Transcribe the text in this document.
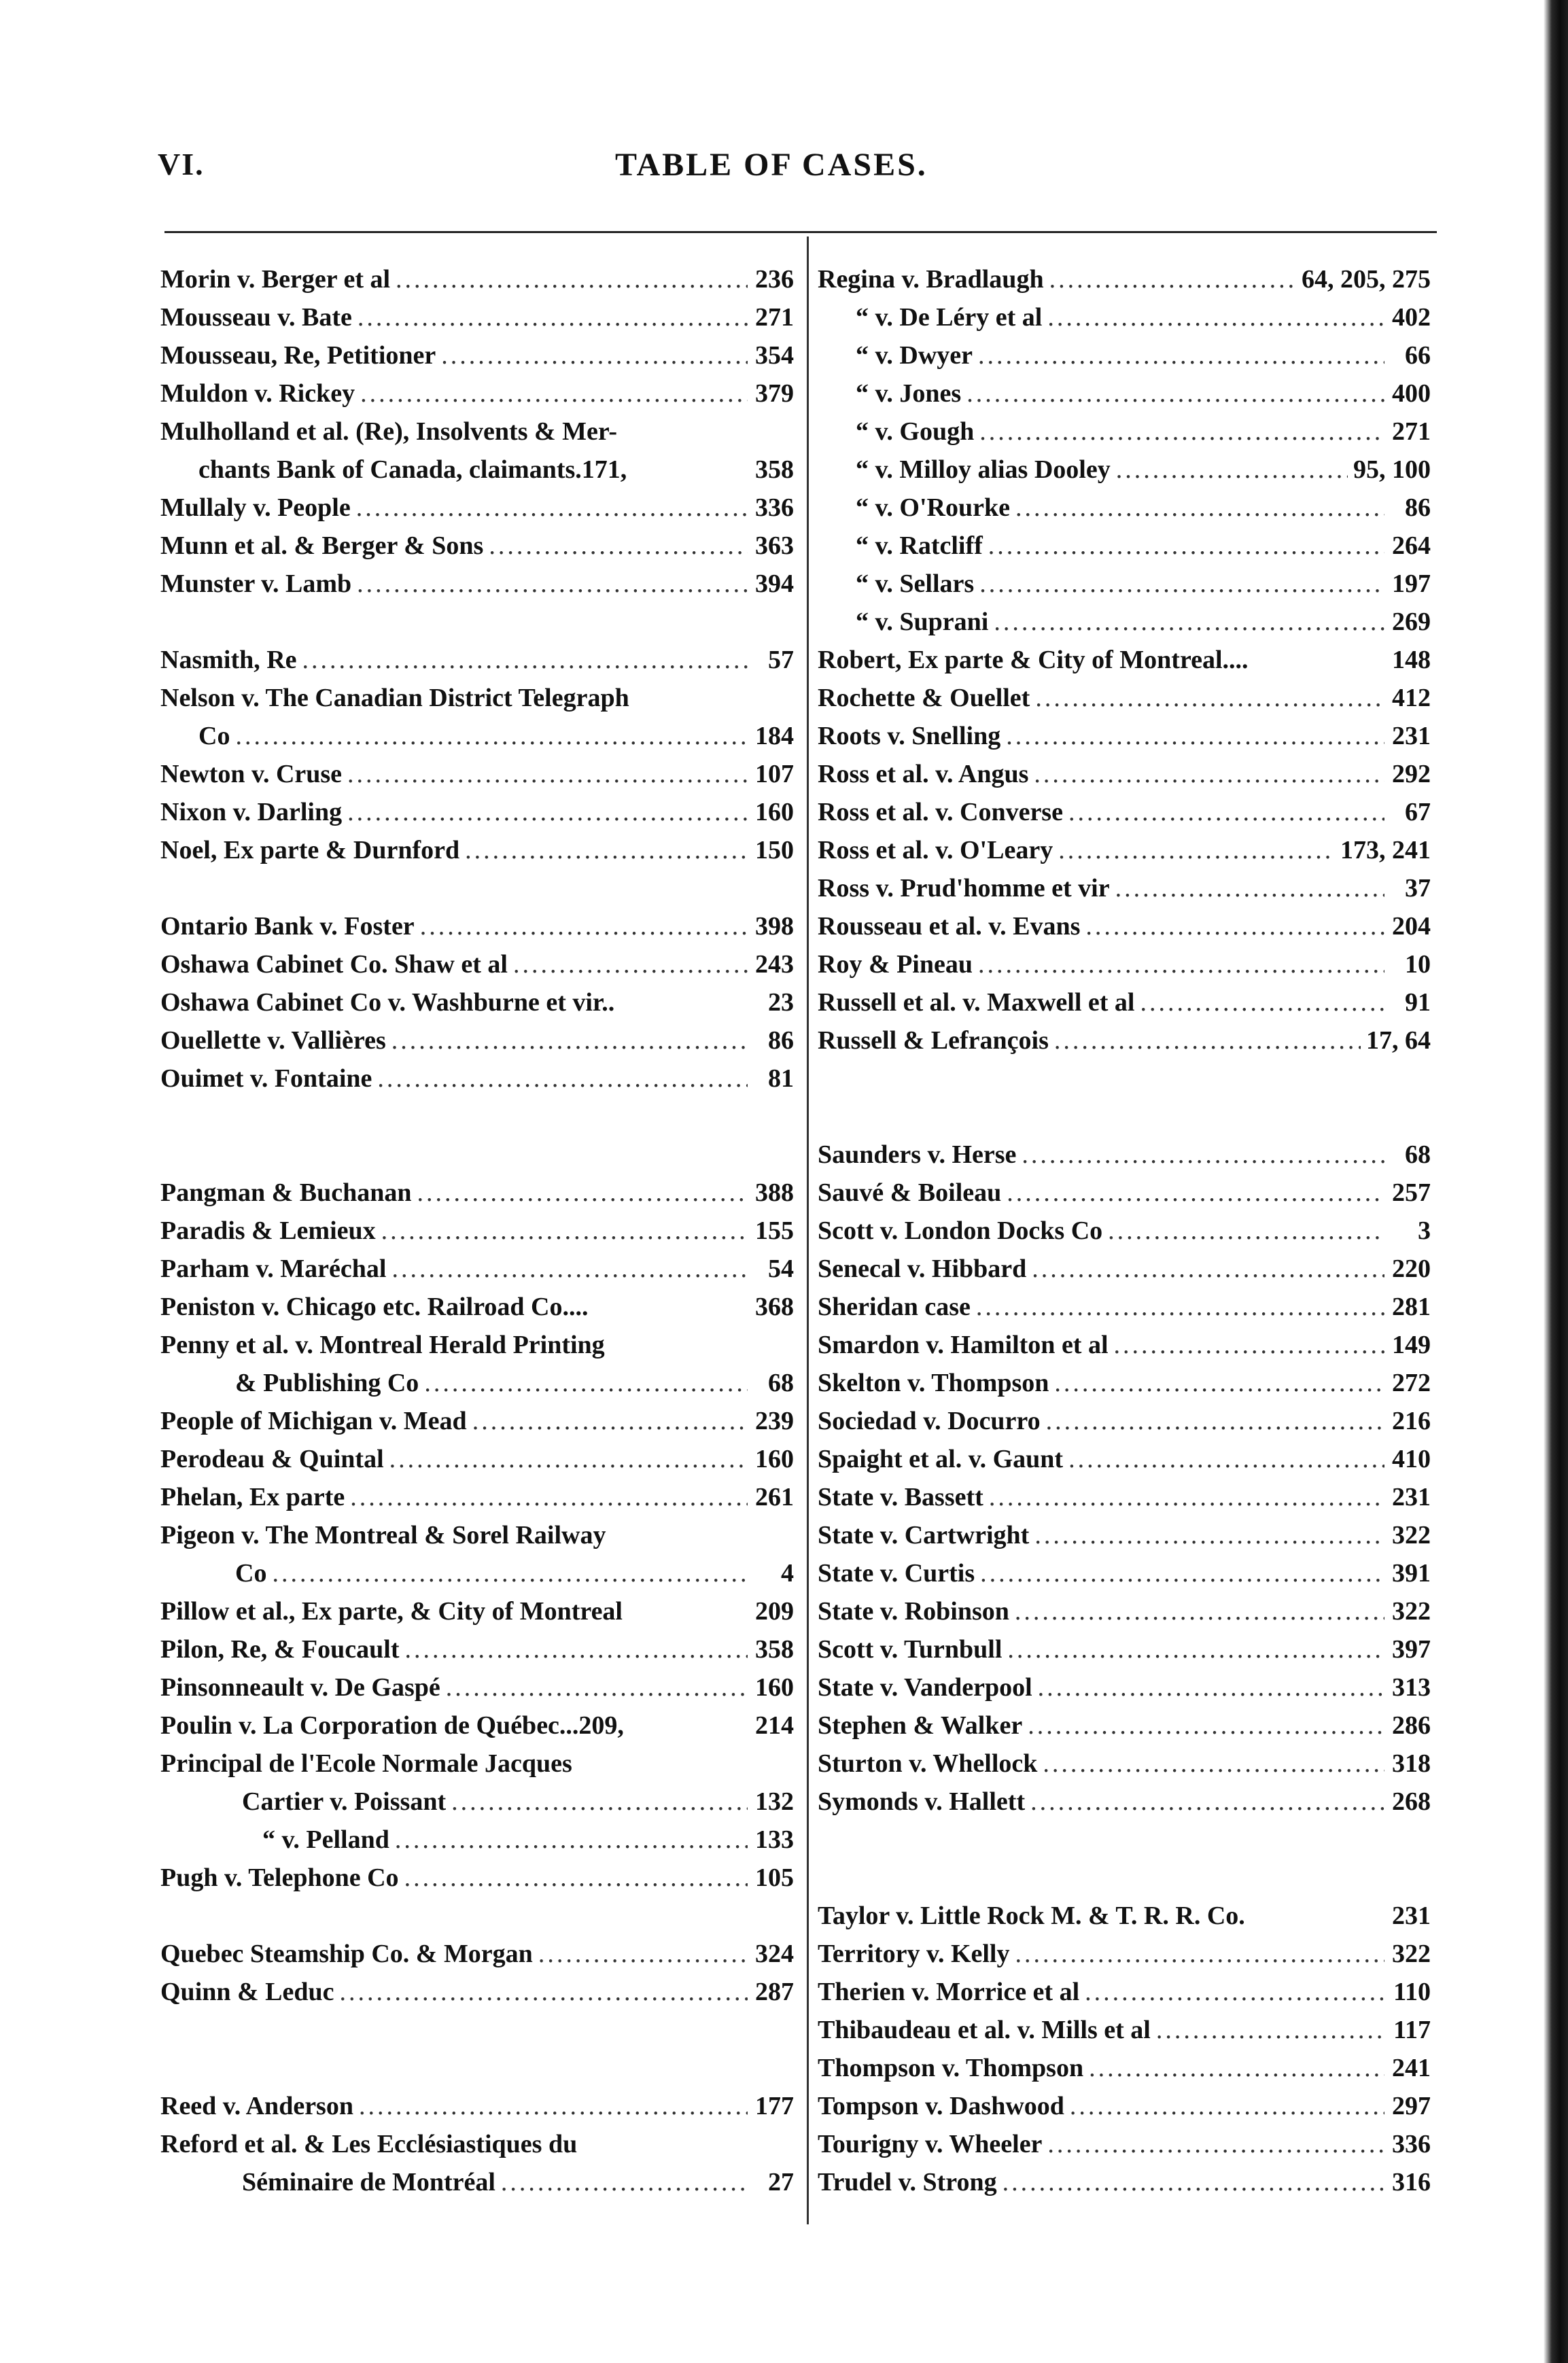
VI.	TABLE OF CASES.
Morin v. Berger et al .....	236
Mousseau v. Bate .....	271
Mousseau, Re, Petitioner .....	354
Muldon v. Rickey .....	379
Mulholland et al. (Re), Insolvents & Mer-
chants Bank of Canada, claimants.171,	358
Mullaly v. People .....	336
Munn et al. & Berger & Sons .....	363
Munster v. Lamb .....	394
Nasmith, Re .....	57
Nelson v. The Canadian District Telegraph
Co .....	184
Newton v. Cruse .....	107
Nixon v. Darling .....	160
Noel, Ex parte & Durnford .....	150
Ontario Bank v. Foster .....	398
Oshawa Cabinet Co. Shaw et al .....	243
Oshawa Cabinet Co v. Washburne et vir..	23
Ouellette v. Vallières .....	86
Ouimet v. Fontaine .....	81
Pangman & Buchanan .....	388
Paradis & Lemieux .....	155
Parham v. Maréchal .....	54
Peniston v. Chicago etc. Railroad Co....	368
Penny et al. v. Montreal Herald Printing
& Publishing Co .....	68
People of Michigan v. Mead .....	239
Perodeau & Quintal .....	160
Phelan, Ex parte .....	261
Pigeon v. The Montreal & Sorel Railway
Co .....	4
Pillow et al., Ex parte, & City of Montreal	209
Pilon, Re, & Foucault .....	358
Pinsonneault v. De Gaspé .....	160
Poulin v. La Corporation de Québec...209,	214
Principal de l'Ecole Normale Jacques
Cartier v. Poissant .....	132
“ v. Pelland .....	133
Pugh v. Telephone Co .....	105
Quebec Steamship Co. & Morgan .....	324
Quinn & Leduc .....	287
Reed v. Anderson .....	177
Reford et al. & Les Ecclésiastiques du
Séminaire de Montréal .....	27
Regina v. Bradlaugh .....	64, 205, 275
“ v. De Léry et al .....	402
“ v. Dwyer .....	66
“ v. Jones .....	400
“ v. Gough .....	271
“ v. Milloy alias Dooley .....	95, 100
“ v. O'Rourke .....	86
“ v. Ratcliff .....	264
“ v. Sellars .....	197
“ v. Suprani .....	269
Robert, Ex parte & City of Montreal....	148
Rochette & Ouellet .....	412
Roots v. Snelling .....	231
Ross et al. v. Angus .....	292
Ross et al. v. Converse .....	67
Ross et al. v. O'Leary .....	173, 241
Ross v. Prud'homme et vir .....	37
Rousseau et al. v. Evans .....	204
Roy & Pineau .....	10
Russell et al. v. Maxwell et al .....	91
Russell & Lefrançois .....	17, 64
Saunders v. Herse .....	68
Sauvé & Boileau .....	257
Scott v. London Docks Co .....	3
Senecal v. Hibbard .....	220
Sheridan case .....	281
Smardon v. Hamilton et al .....	149
Skelton v. Thompson .....	272
Sociedad v. Docurro .....	216
Spaight et al. v. Gaunt .....	410
State v. Bassett .....	231
State v. Cartwright .....	322
State v. Curtis .....	391
State v. Robinson .....	322
Scott v. Turnbull .....	397
State v. Vanderpool .....	313
Stephen & Walker .....	286
Sturton v. Whellock .....	318
Symonds v. Hallett .....	268
Taylor v. Little Rock M. & T. R. R. Co.	231
Territory v. Kelly .....	322
Therien v. Morrice et al .....	110
Thibaudeau et al. v. Mills et al .....	117
Thompson v. Thompson .....	241
Tompson v. Dashwood .....	297
Tourigny v. Wheeler .....	336
Trudel v. Strong .....	316
